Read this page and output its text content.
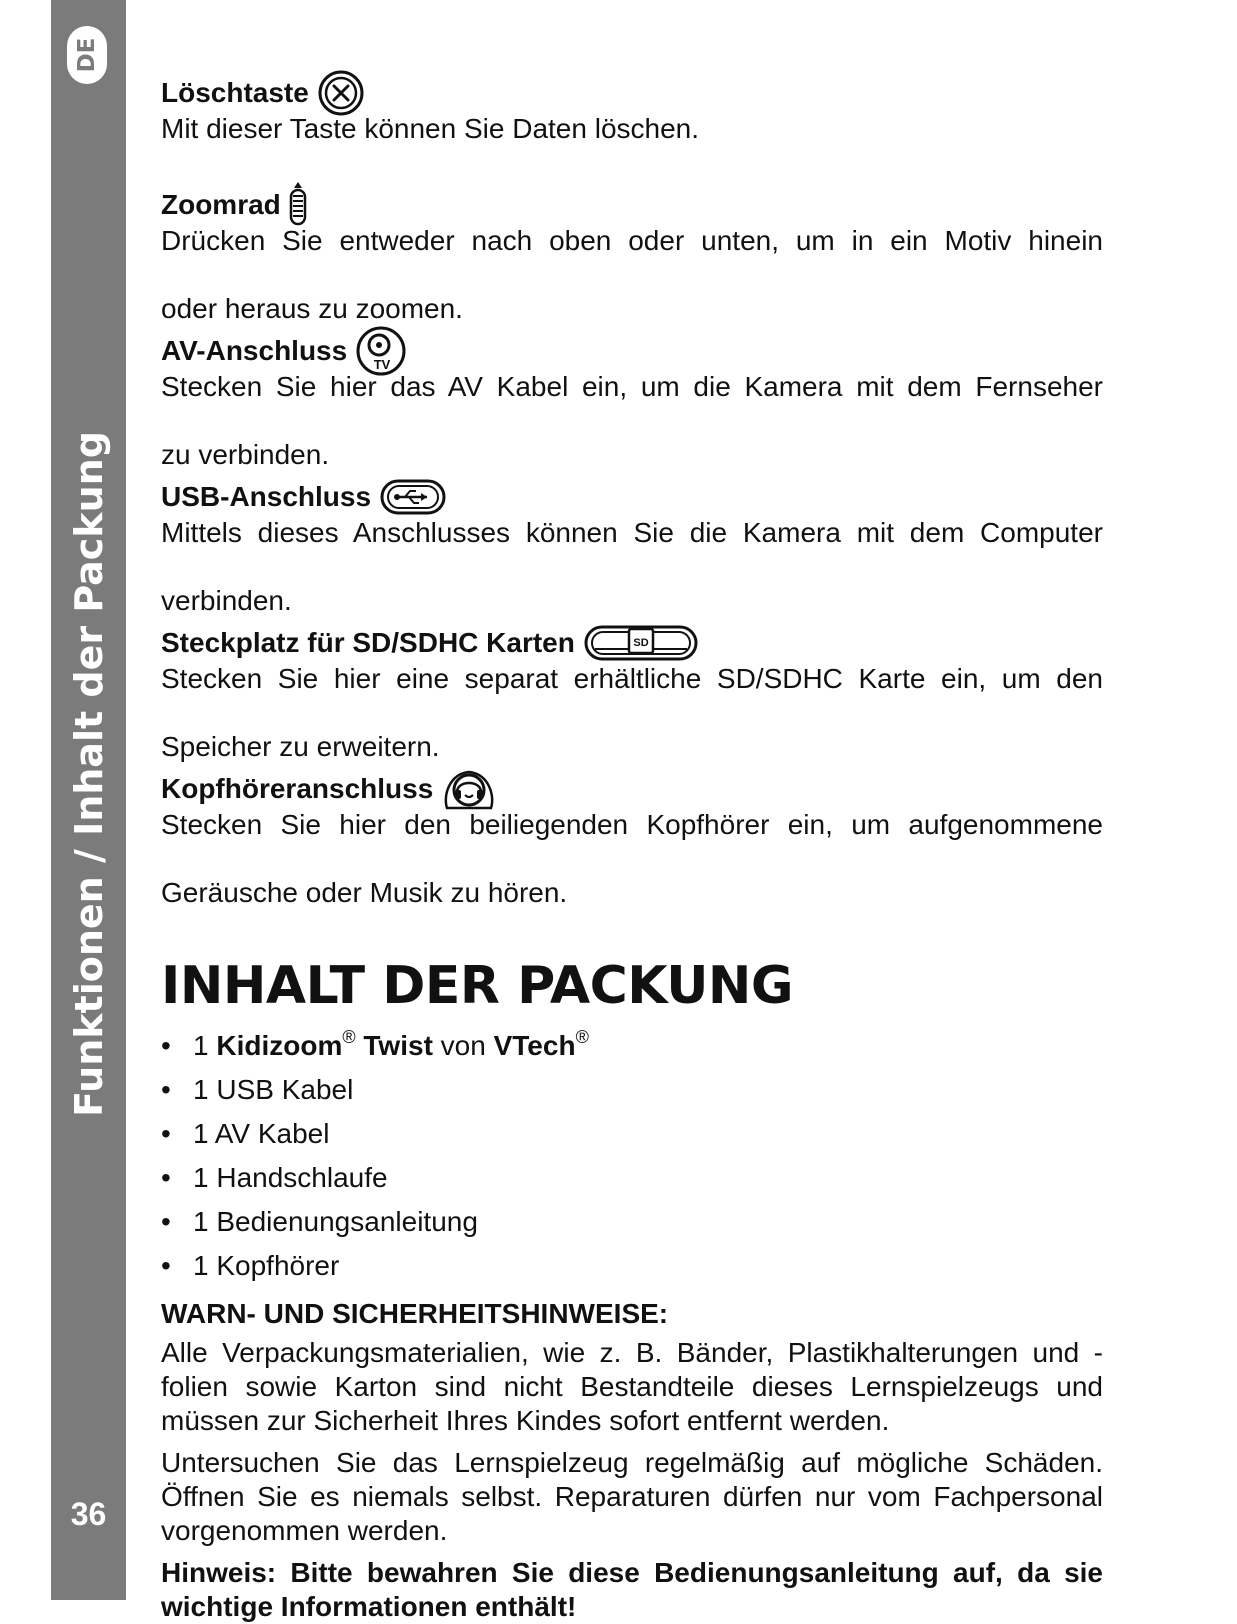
DE
Funktionen / Inhalt der Packung
36
Löschtaste
Mit dieser Taste können Sie Daten löschen.
Zoomrad
Drücken Sie entweder nach oben oder unten, um in ein Motiv hinein
oder heraus zu zoomen.
AV-Anschluss TV
Stecken Sie hier das AV Kabel ein, um die Kamera mit dem Fernseher
zu verbinden.
USB-Anschluss
Mittels dieses Anschlusses können Sie die Kamera mit dem Computer
verbinden.
Steckplatz für SD/SDHC Karten	SD
Stecken Sie hier eine separat erhältliche SD/SDHC Karte ein, um den
Speicher zu erweitern.
Kopfhöreranschluss
Stecken Sie hier den beiliegenden Kopfhörer ein, um aufgenommene
Geräusche oder Musik zu hören.
INHALT DER PACKUNG
• 1 Kidizoom® Twist von VTech®
• 1 USB Kabel
• 1 AV Kabel
• 1 Handschlaufe
• 1 Bedienungsanleitung
• 1 Kopfhörer
WARN- UND SICHERHEITSHINWEISE:

Alle Verpackungsmaterialien, wie z. B. Bänder, Plastikhalterungen und -folien sowie Karton sind nicht Bestandteile dieses Lernspielzeugs und müssen zur Sicherheit Ihres Kindes sofort entfernt werden.

Untersuchen Sie das Lernspielzeug regelmäßig auf mögliche Schäden. Öffnen Sie es niemals selbst. Reparaturen dürfen nur vom Fachpersonal vorgenommen werden.

Hinweis: Bitte bewahren Sie diese Bedienungsanleitung auf, da sie wichtige Informationen enthält!
